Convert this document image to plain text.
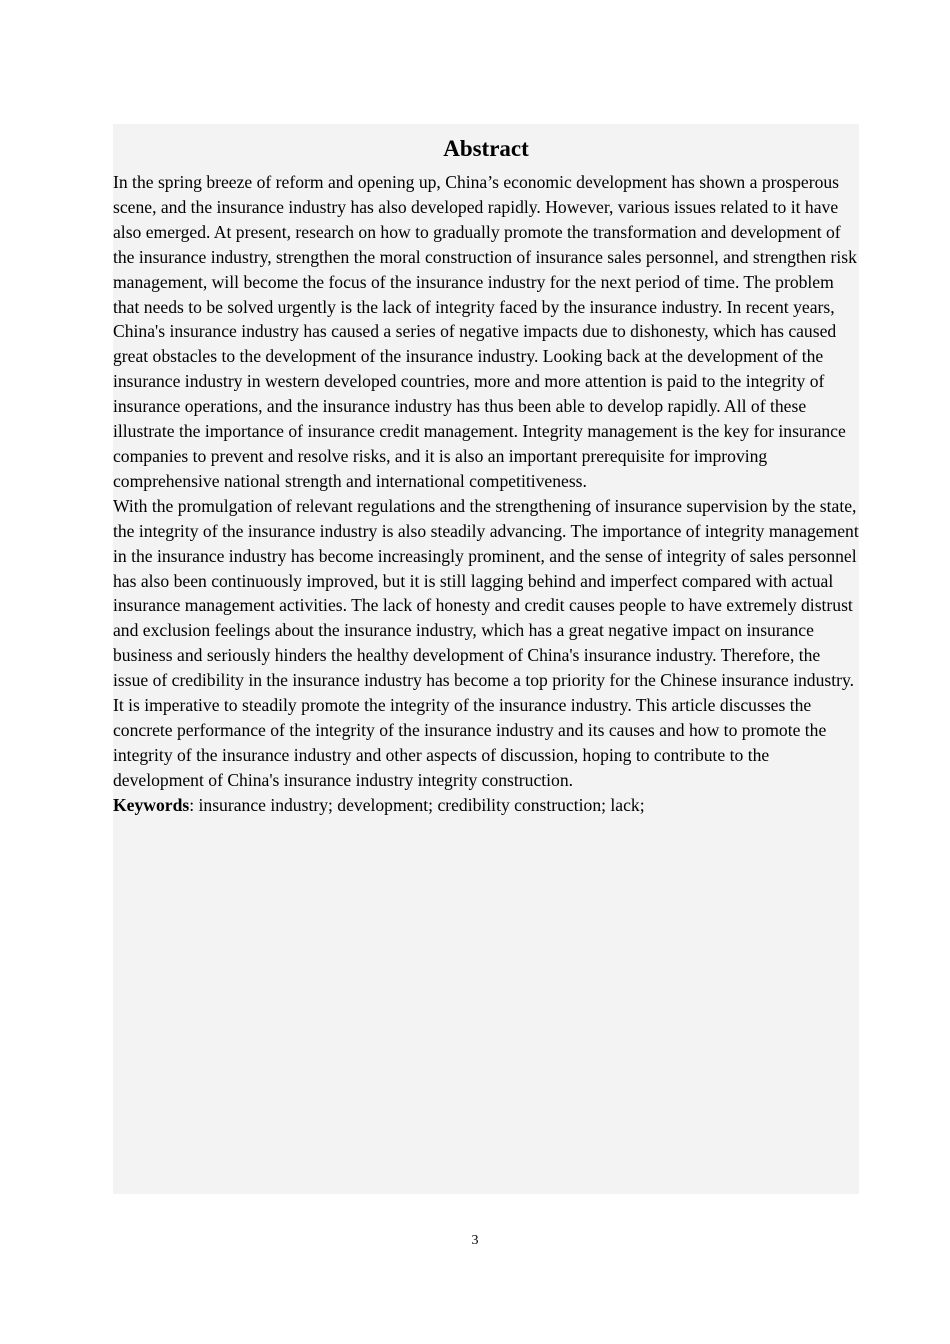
Abstract

In the spring breeze of reform and opening up, China’s economic development has shown a prosperous scene, and the insurance industry has also developed rapidly. However, various issues related to it have also emerged. At present, research on how to gradually promote the transformation and development of the insurance industry, strengthen the moral construction of insurance sales personnel, and strengthen risk management, will become the focus of the insurance industry for the next period of time. The problem that needs to be solved urgently is the lack of integrity faced by the insurance industry. In recent years, China's insurance industry has caused a series of negative impacts due to dishonesty, which has caused great obstacles to the development of the insurance industry. Looking back at the development of the insurance industry in western developed countries, more and more attention is paid to the integrity of insurance operations, and the insurance industry has thus been able to develop rapidly. All of these illustrate the importance of insurance credit management. Integrity management is the key for insurance companies to prevent and resolve risks, and it is also an important prerequisite for improving comprehensive national strength and international competitiveness.

With the promulgation of relevant regulations and the strengthening of insurance supervision by the state, the integrity of the insurance industry is also steadily advancing. The importance of integrity management in the insurance industry has become increasingly prominent, and the sense of integrity of sales personnel has also been continuously improved, but it is still lagging behind and imperfect compared with actual insurance management activities. The lack of honesty and credit causes people to have extremely distrust and exclusion feelings about the insurance industry, which has a great negative impact on insurance business and seriously hinders the healthy development of China's insurance industry. Therefore, the issue of credibility in the insurance industry has become a top priority for the Chinese insurance industry. It is imperative to steadily promote the integrity of the insurance industry. This article discusses the concrete performance of the integrity of the insurance industry and its causes and how to promote the integrity of the insurance industry and other aspects of discussion, hoping to contribute to the development of China's insurance industry integrity construction.

Keywords: insurance industry; development; credibility construction; lack;

3
